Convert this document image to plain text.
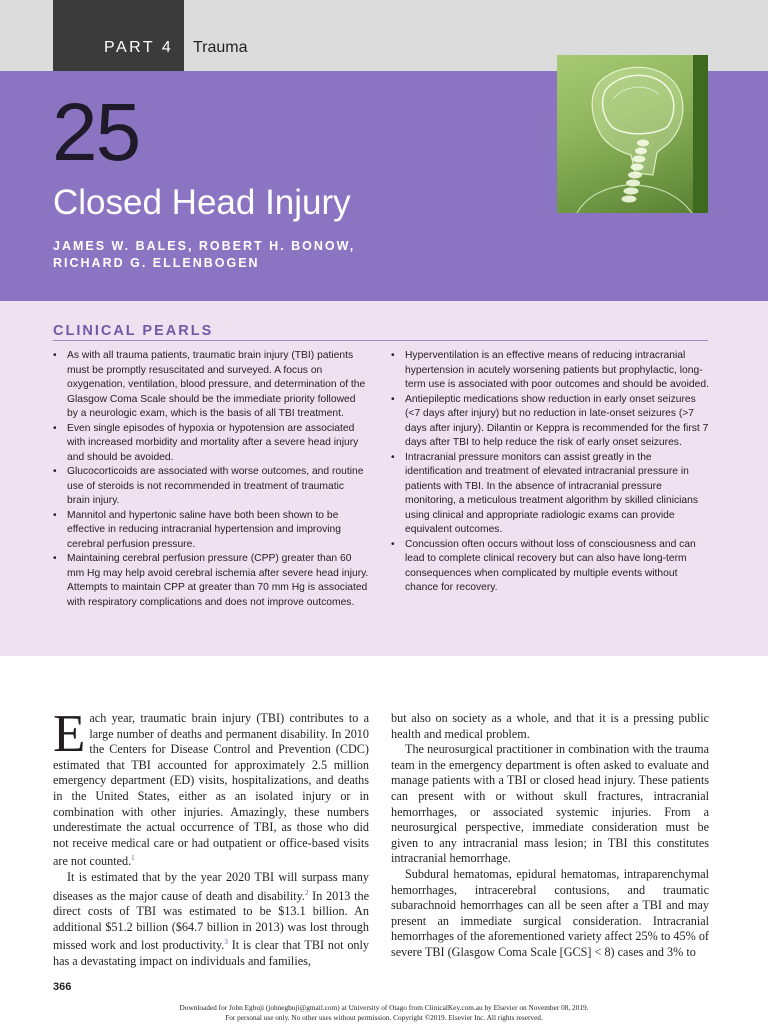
PART 4 Trauma
25
Closed Head Injury
JAMES W. BALES, ROBERT H. BONOW,
RICHARD G. ELLENBOGEN
CLINICAL PEARLS
• As with all trauma patients, traumatic brain injury (TBI) patients must be promptly resuscitated and surveyed. A focus on oxygenation, ventilation, blood pressure, and determination of the Glasgow Coma Scale should be the immediate priority followed by a neurologic exam, which is the basis of all TBI treatment.
• Even single episodes of hypoxia or hypotension are associated with increased morbidity and mortality after a severe head injury and should be avoided.
• Glucocorticoids are associated with worse outcomes, and routine use of steroids is not recommended in treatment of traumatic brain injury.
• Mannitol and hypertonic saline have both been shown to be effective in reducing intracranial hypertension and improving cerebral perfusion pressure.
• Maintaining cerebral perfusion pressure (CPP) greater than 60 mm Hg may help avoid cerebral ischemia after severe head injury. Attempts to maintain CPP at greater than 70 mm Hg is associated with respiratory complications and does not improve outcomes.
• Hyperventilation is an effective means of reducing intracranial hypertension in acutely worsening patients but prophylactic, long-term use is associated with poor outcomes and should be avoided.
• Antiepileptic medications show reduction in early onset seizures (<7 days after injury) but no reduction in late-onset seizures (>7 days after injury). Dilantin or Keppra is recommended for the first 7 days after TBI to help reduce the risk of early onset seizures.
• Intracranial pressure monitors can assist greatly in the identification and treatment of elevated intracranial pressure in patients with TBI. In the absence of intracranial pressure monitoring, a meticulous treatment algorithm by skilled clinicians using clinical and appropriate radiologic exams can provide equivalent outcomes.
• Concussion often occurs without loss of consciousness and can lead to complete clinical recovery but can also have long-term consequences when complicated by multiple events without chance for recovery.

Each year, traumatic brain injury (TBI) contributes to a large number of deaths and permanent disability. In 2010 the Centers for Disease Control and Prevention (CDC) estimated that TBI accounted for approximately 2.5 million emergency department (ED) visits, hospitalizations, and deaths in the United States, either as an isolated injury or in combination with other injuries. Amazingly, these numbers underestimate the actual occurrence of TBI, as those who did not receive medical care or had outpatient or office-based visits are not counted.$^1$

It is estimated that by the year 2020 TBI will surpass many diseases as the major cause of death and disability.$^2$ In 2013 the direct costs of TBI was estimated to be $13.1 billion. An additional $51.2 billion ($64.7 billion in 2013) was lost through missed work and lost productivity.$^3$ It is clear that TBI not only has a devastating impact on individuals and families,

but also on society as a whole, and that it is a pressing public health and medical problem.

The neurosurgical practitioner in combination with the trauma team in the emergency department is often asked to evaluate and manage patients with a TBI or closed head injury. These patients can present with or without skull fractures, intracranial hemorrhages, or associated systemic injuries. From a neurosurgical perspective, immediate consideration must be given to any intracranial mass lesion; in TBI this constitutes intracranial hemorrhage.

Subdural hematomas, epidural hematomas, intraparenchymal hemorrhages, intracerebral contusions, and traumatic subarachnoid hemorrhages can all be seen after a TBI and may present an immediate surgical consideration. Intracranial hemorrhages of the aforementioned variety affect 25% to 45% of severe TBI (Glasgow Coma Scale [GCS] < 8) cases and 3% to

366
Downloaded for John Egbuji (johnegbuji@gmail.com) at University of Otago from ClinicalKey.com.au by Elsevier on November 08, 2019.
For personal use only. No other uses without permission. Copyright ©2019. Elsevier Inc. All rights reserved.
